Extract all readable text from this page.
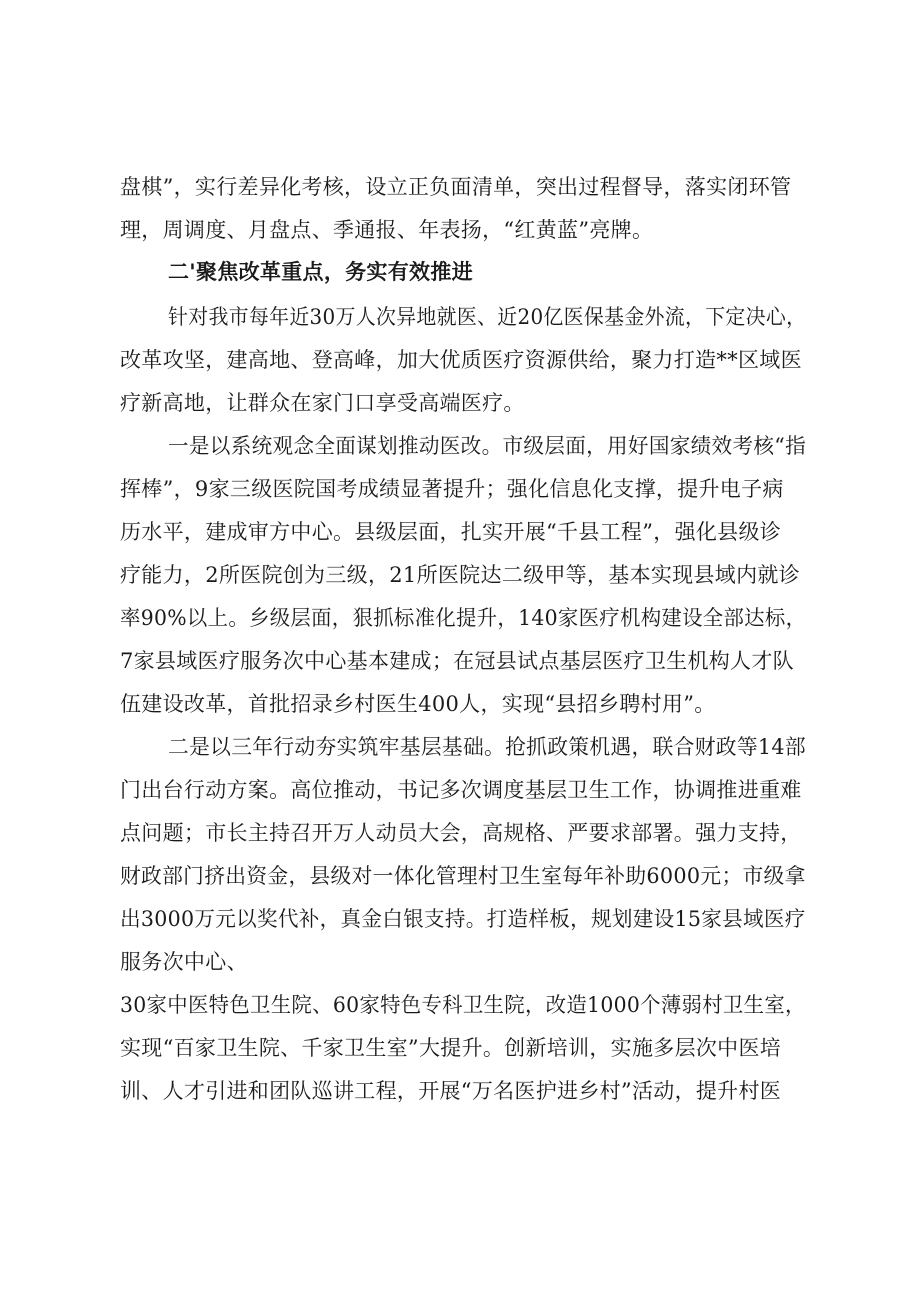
盘棋”，实行差异化考核，设立正负面清单，突出过程督导，落实闭环管
理，周调度、月盘点、季通报、年表扬，“红黄蓝”亮牌。
二'聚焦改革重点，务实有效推进
针对我市每年近30万人次异地就医、近20亿医保基金外流，下定决心，
改革攻坚，建高地、登高峰，加大优质医疗资源供给，聚力打造**区域医
疗新高地，让群众在家门口享受高端医疗。
一是以系统观念全面谋划推动医改。市级层面，用好国家绩效考核“指
挥棒”，9家三级医院国考成绩显著提升；强化信息化支撑，提升电子病
历水平，建成审方中心。县级层面，扎实开展“千县工程”，强化县级诊
疗能力，2所医院创为三级，21所医院达二级甲等，基本实现县域内就诊
率90%以上。乡级层面，狠抓标准化提升，140家医疗机构建设全部达标，
7家县域医疗服务次中心基本建成；在冠县试点基层医疗卫生机构人才队
伍建设改革，首批招录乡村医生400人，实现“县招乡聘村用”。
二是以三年行动夯实筑牢基层基础。抢抓政策机遇，联合财政等14部
门出台行动方案。高位推动，书记多次调度基层卫生工作，协调推进重难
点问题；市长主持召开万人动员大会，高规格、严要求部署。强力支持，
财政部门挤出资金，县级对一体化管理村卫生室每年补助6000元；市级拿
出3000万元以奖代补，真金白银支持。打造样板，规划建设15家县域医疗
服务次中心、
30家中医特色卫生院、60家特色专科卫生院，改造1000个薄弱村卫生室，
实现“百家卫生院、千家卫生室”大提升。创新培训，实施多层次中医培
训、人才引进和团队巡讲工程，开展“万名医护进乡村”活动，提升村医
